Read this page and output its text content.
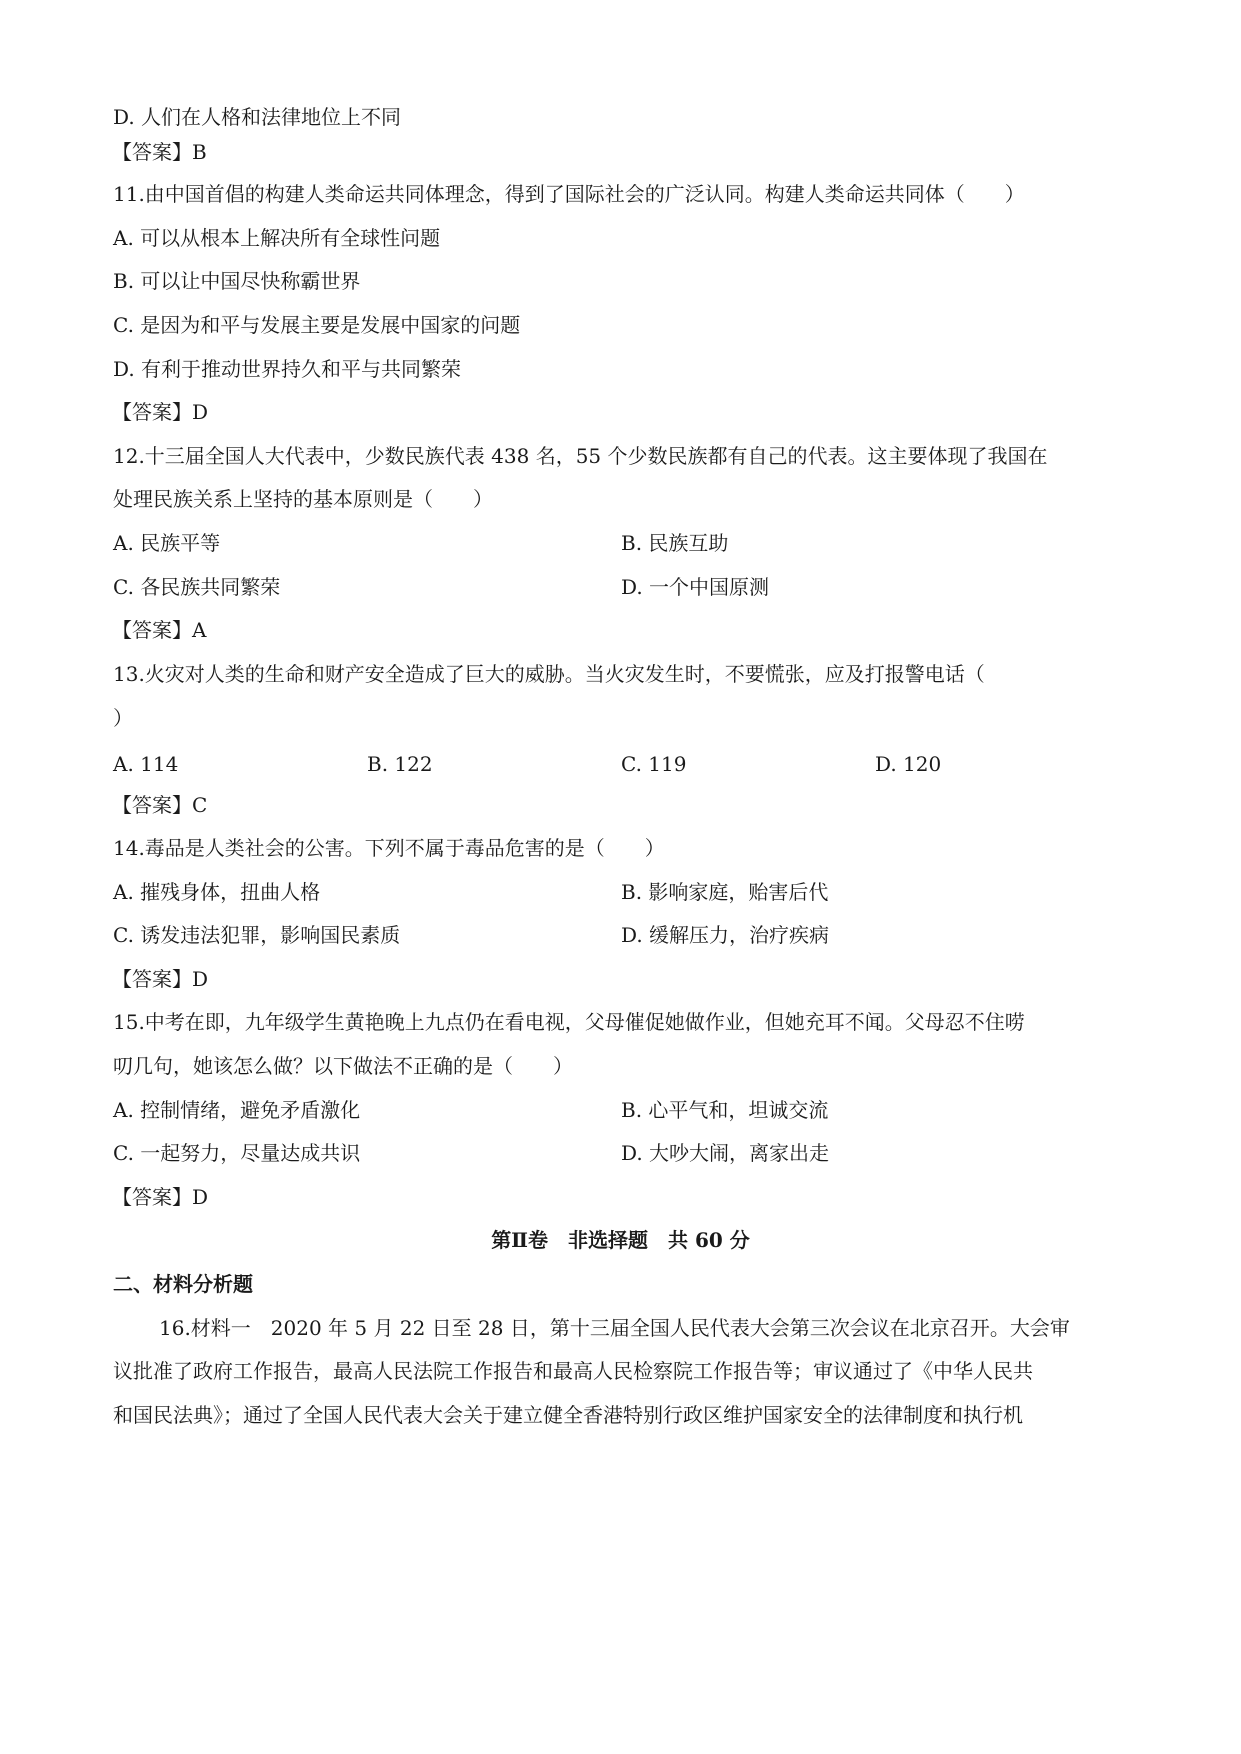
D. 人们在人格和法律地位上不同
【答案】B
11.由中国首倡的构建人类命运共同体理念，得到了国际社会的广泛认同。构建人类命运共同体（　　）
A. 可以从根本上解决所有全球性问题
B. 可以让中国尽快称霸世界
C. 是因为和平与发展主要是发展中国家的问题
D. 有利于推动世界持久和平与共同繁荣
【答案】D
12.十三届全国人大代表中，少数民族代表 438 名，55 个少数民族都有自己的代表。这主要体现了我国在
处理民族关系上坚持的基本原则是（　　）
A. 民族平等	B. 民族互助
C. 各民族共同繁荣	D. 一个中国原测
【答案】A
13.火灾对人类的生命和财产安全造成了巨大的威胁。当火灾发生时，不要慌张，应及打报警电话（
）
A. 114	B. 122	C. 119	D. 120
【答案】C
14.毒品是人类社会的公害。下列不属于毒品危害的是（　　）
A. 摧残身体，扭曲人格	B. 影响家庭，贻害后代
C. 诱发违法犯罪，影响国民素质	D. 缓解压力，治疗疾病
【答案】D
15.中考在即，九年级学生黄艳晚上九点仍在看电视，父母催促她做作业，但她充耳不闻。父母忍不住唠
叨几句，她该怎么做？以下做法不正确的是（　　）
A. 控制情绪，避免矛盾激化	B. 心平气和，坦诚交流
C. 一起努力，尽量达成共识	D. 大吵大闹，离家出走
【答案】D
第Ⅱ卷　非选择题　共 60 分
二、材料分析题
16.材料一　2020 年 5 月 22 日至 28 日，第十三届全国人民代表大会第三次会议在北京召开。大会审
议批准了政府工作报告，最高人民法院工作报告和最高人民检察院工作报告等；审议通过了《中华人民共
和国民法典》；通过了全国人民代表大会关于建立健全香港特别行政区维护国家安全的法律制度和执行机
